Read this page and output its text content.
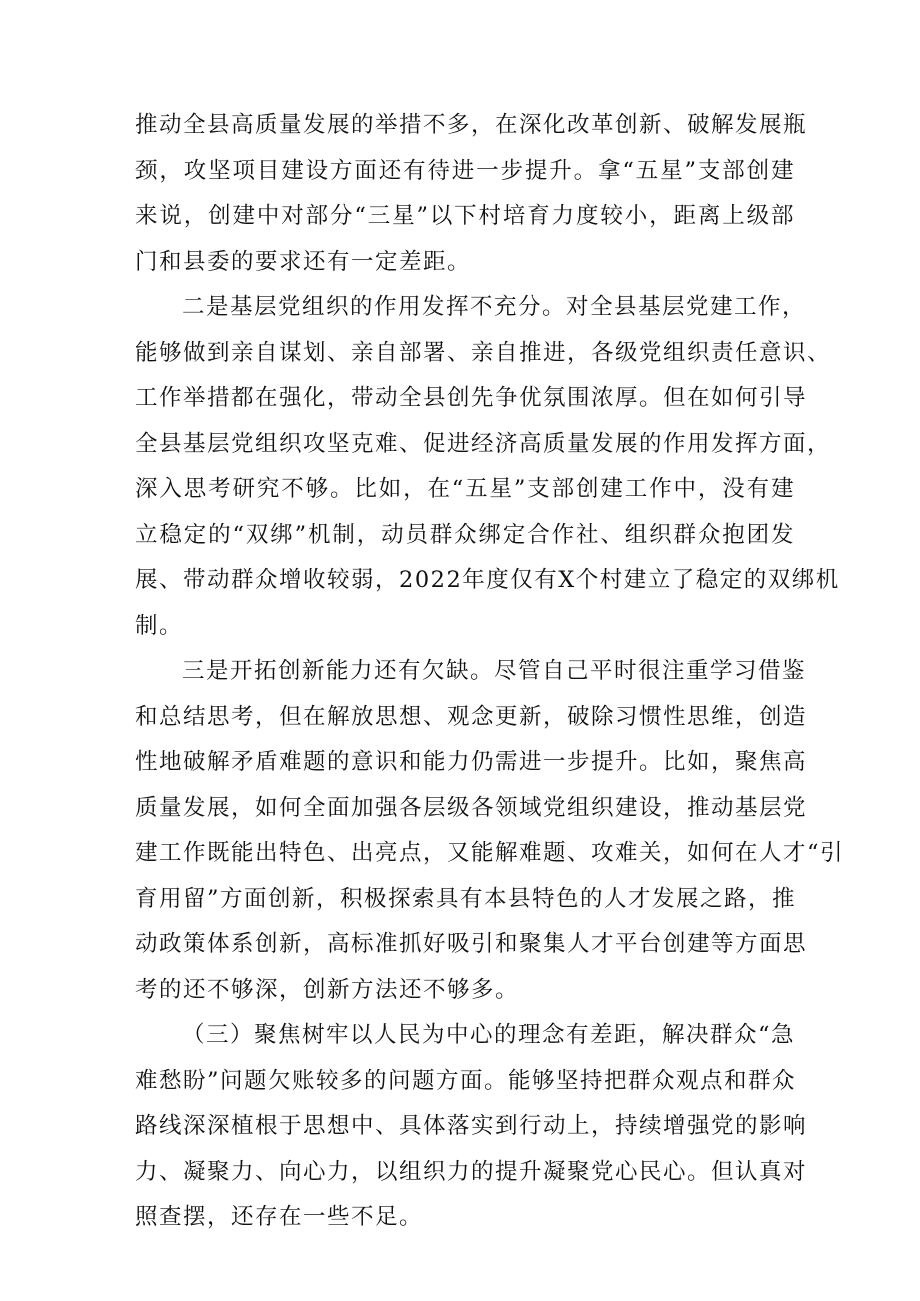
推动全县高质量发展的举措不多，在深化改革创新、破解发展瓶
颈，攻坚项目建设方面还有待进一步提升。拿“五星”支部创建
来说，创建中对部分“三星”以下村培育力度较小，距离上级部
门和县委的要求还有一定差距。
二是基层党组织的作用发挥不充分。对全县基层党建工作，
能够做到亲自谋划、亲自部署、亲自推进，各级党组织责任意识、
工作举措都在强化，带动全县创先争优氛围浓厚。但在如何引导
全县基层党组织攻坚克难、促进经济高质量发展的作用发挥方面，
深入思考研究不够。比如，在“五星”支部创建工作中，没有建
立稳定的“双绑”机制，动员群众绑定合作社、组织群众抱团发
展、带动群众增收较弱，2022年度仅有X个村建立了稳定的双绑机
制。
三是开拓创新能力还有欠缺。尽管自己平时很注重学习借鉴
和总结思考，但在解放思想、观念更新，破除习惯性思维，创造
性地破解矛盾难题的意识和能力仍需进一步提升。比如，聚焦高
质量发展，如何全面加强各层级各领域党组织建设，推动基层党
建工作既能出特色、出亮点，又能解难题、攻难关，如何在人才“引
育用留”方面创新，积极探索具有本县特色的人才发展之路，推
动政策体系创新，高标准抓好吸引和聚集人才平台创建等方面思
考的还不够深，创新方法还不够多。
（三）聚焦树牢以人民为中心的理念有差距，解决群众“急
难愁盼”问题欠账较多的问题方面。能够坚持把群众观点和群众
路线深深植根于思想中、具体落实到行动上，持续增强党的影响
力、凝聚力、向心力，以组织力的提升凝聚党心民心。但认真对
照查摆，还存在一些不足。
